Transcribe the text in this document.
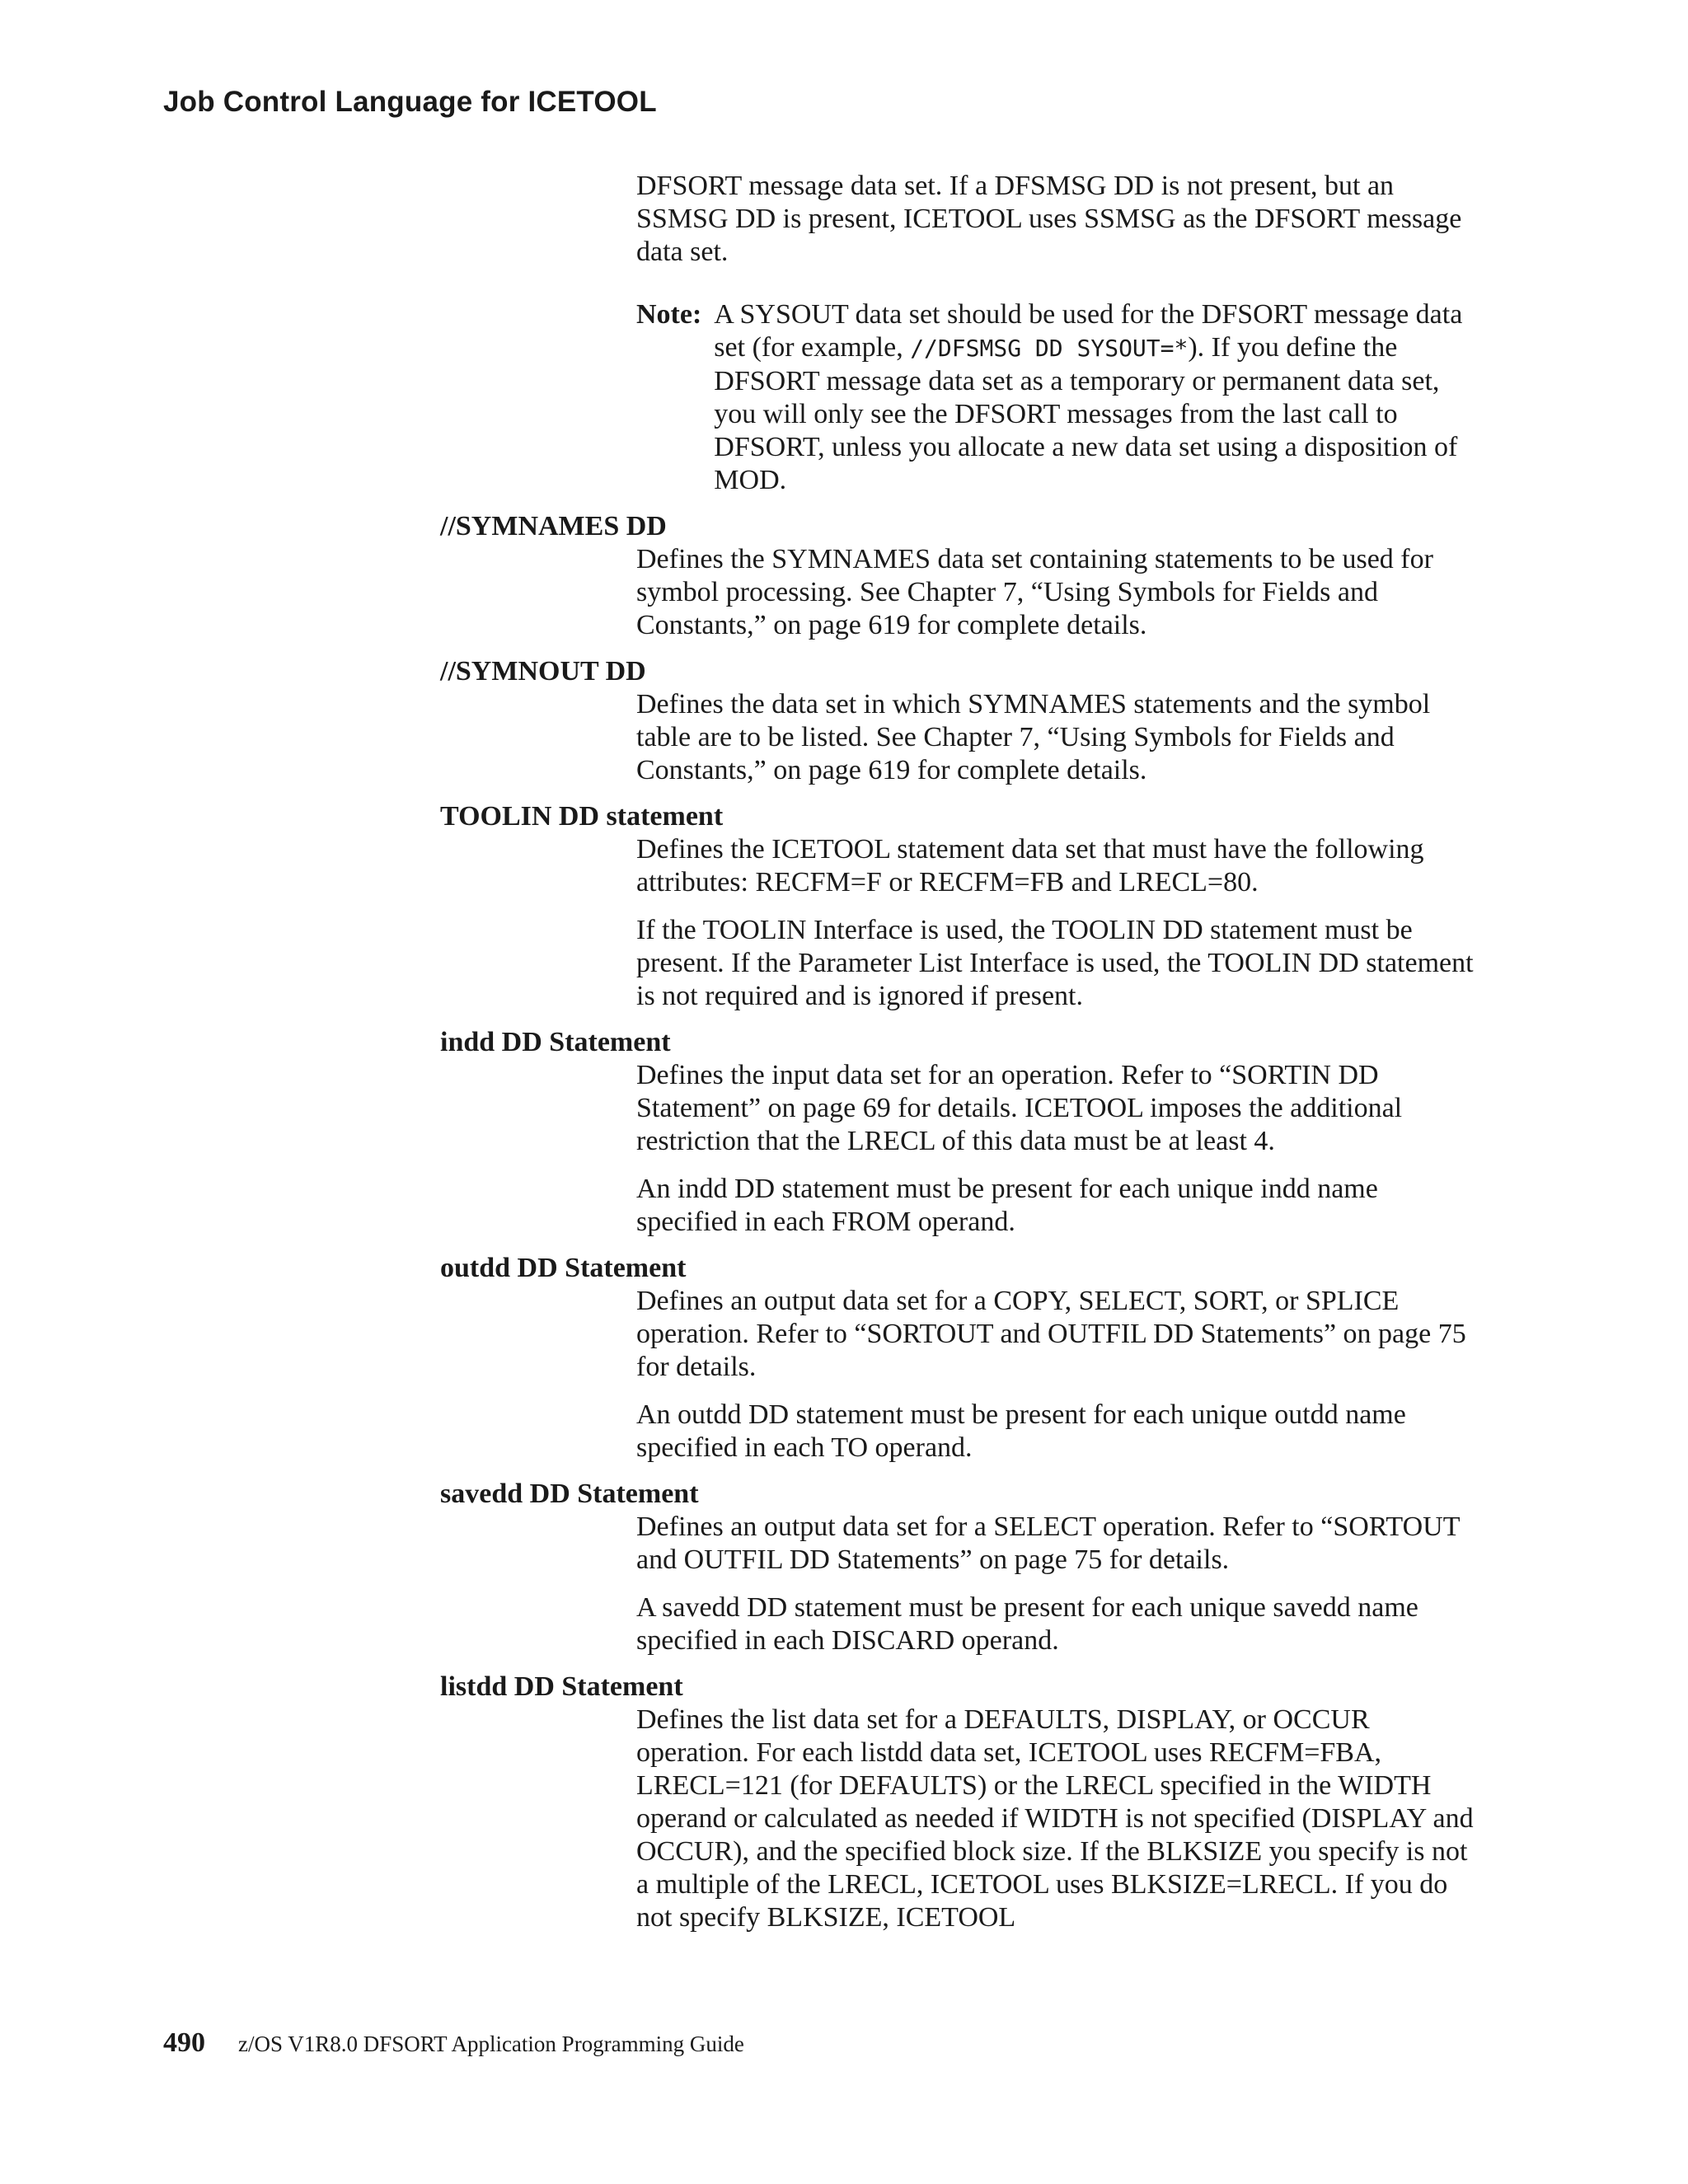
Job Control Language for ICETOOL

DFSORT message data set. If a DFSMSG DD is not present, but an SSMSG DD is present, ICETOOL uses SSMSG as the DFSORT message data set.

Note: A SYSOUT data set should be used for the DFSORT message data set (for example, //DFSMSG DD SYSOUT=*). If you define the DFSORT message data set as a temporary or permanent data set, you will only see the DFSORT messages from the last call to DFSORT, unless you allocate a new data set using a disposition of MOD.
//SYMNAMES DD

Defines the SYMNAMES data set containing statements to be used for symbol processing. See Chapter 7, “Using Symbols for Fields and Constants,” on page 619 for complete details.

//SYMNOUT DD

Defines the data set in which SYMNAMES statements and the symbol table are to be listed. See Chapter 7, “Using Symbols for Fields and Constants,” on page 619 for complete details.

TOOLIN DD statement

Defines the ICETOOL statement data set that must have the following attributes: RECFM=F or RECFM=FB and LRECL=80.

If the TOOLIN Interface is used, the TOOLIN DD statement must be present. If the Parameter List Interface is used, the TOOLIN DD statement is not required and is ignored if present.

indd DD Statement

Defines the input data set for an operation. Refer to “SORTIN DD Statement” on page 69 for details. ICETOOL imposes the additional restriction that the LRECL of this data must be at least 4.

An indd DD statement must be present for each unique indd name specified in each FROM operand.

outdd DD Statement

Defines an output data set for a COPY, SELECT, SORT, or SPLICE operation. Refer to “SORTOUT and OUTFIL DD Statements” on page 75 for details.

An outdd DD statement must be present for each unique outdd name specified in each TO operand.

savedd DD Statement

Defines an output data set for a SELECT operation. Refer to “SORTOUT and OUTFIL DD Statements” on page 75 for details.

A savedd DD statement must be present for each unique savedd name specified in each DISCARD operand.

listdd DD Statement

Defines the list data set for a DEFAULTS, DISPLAY, or OCCUR operation. For each listdd data set, ICETOOL uses RECFM=FBA, LRECL=121 (for DEFAULTS) or the LRECL specified in the WIDTH operand or calculated as needed if WIDTH is not specified (DISPLAY and OCCUR), and the specified block size. If the BLKSIZE you specify is not a multiple of the LRECL, ICETOOL uses BLKSIZE=LRECL. If you do not specify BLKSIZE, ICETOOL

490 z/OS V1R8.0 DFSORT Application Programming Guide
